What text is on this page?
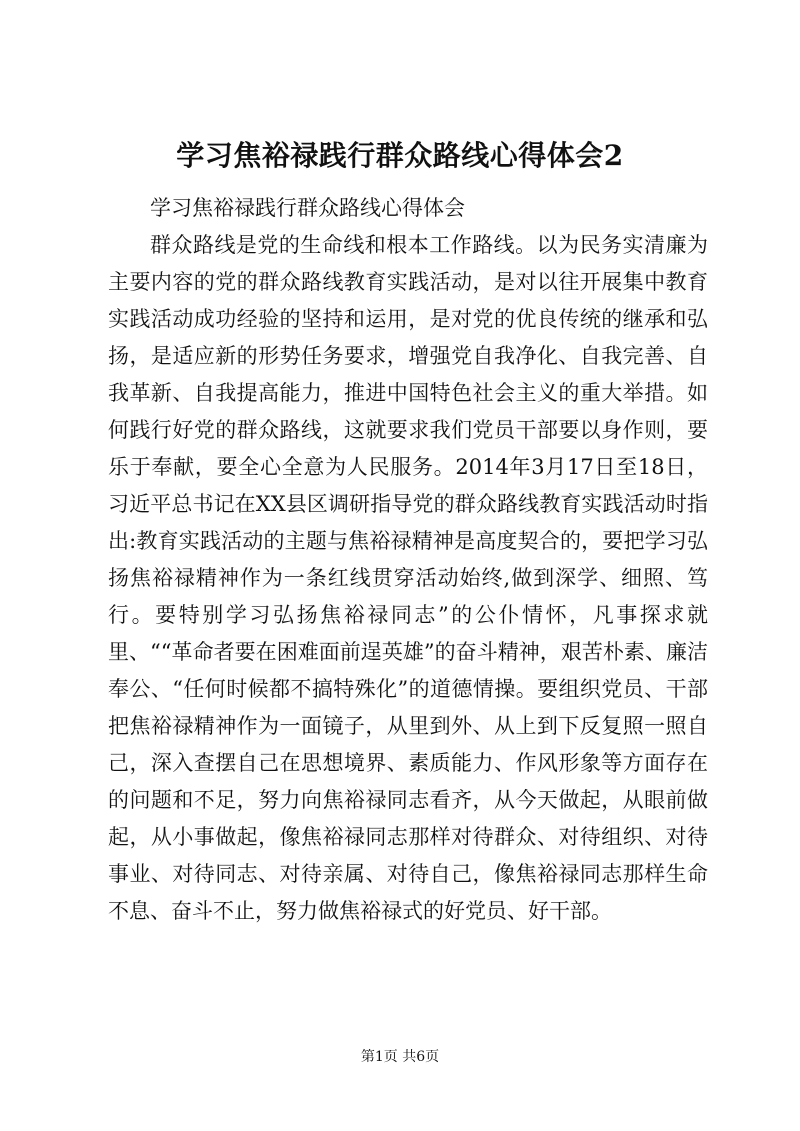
学习焦裕禄践行群众路线心得体会2

学习焦裕禄践行群众路线心得体会

群众路线是党的生命线和根本工作路线。以为民务实清廉为主要内容的党的群众路线教育实践活动，是对以往开展集中教育实践活动成功经验的坚持和运用，是对党的优良传统的继承和弘扬，是适应新的形势任务要求，增强党自我净化、自我完善、自我革新、自我提高能力，推进中国特色社会主义的重大举措。如何践行好党的群众路线，这就要求我们党员干部要以身作则，要乐于奉献，要全心全意为人民服务。2014年3月17日至18日，习近平总书记在XX县区调研指导党的群众路线教育实践活动时指出:教育实践活动的主题与焦裕禄精神是高度契合的，要把学习弘扬焦裕禄精神作为一条红线贯穿活动始终,做到深学、细照、笃行。要特别学习弘扬焦裕禄同志”的公仆情怀，凡事探求就里、““革命者要在困难面前逞英雄”的奋斗精神，艰苦朴素、廉洁奉公、“任何时候都不搞特殊化”的道德情操。要组织党员、干部把焦裕禄精神作为一面镜子，从里到外、从上到下反复照一照自己，深入查摆自己在思想境界、素质能力、作风形象等方面存在的问题和不足，努力向焦裕禄同志看齐，从今天做起，从眼前做起，从小事做起，像焦裕禄同志那样对待群众、对待组织、对待事业、对待同志、对待亲属、对待自己，像焦裕禄同志那样生命不息、奋斗不止，努力做焦裕禄式的好党员、好干部。

第1页 共6页
